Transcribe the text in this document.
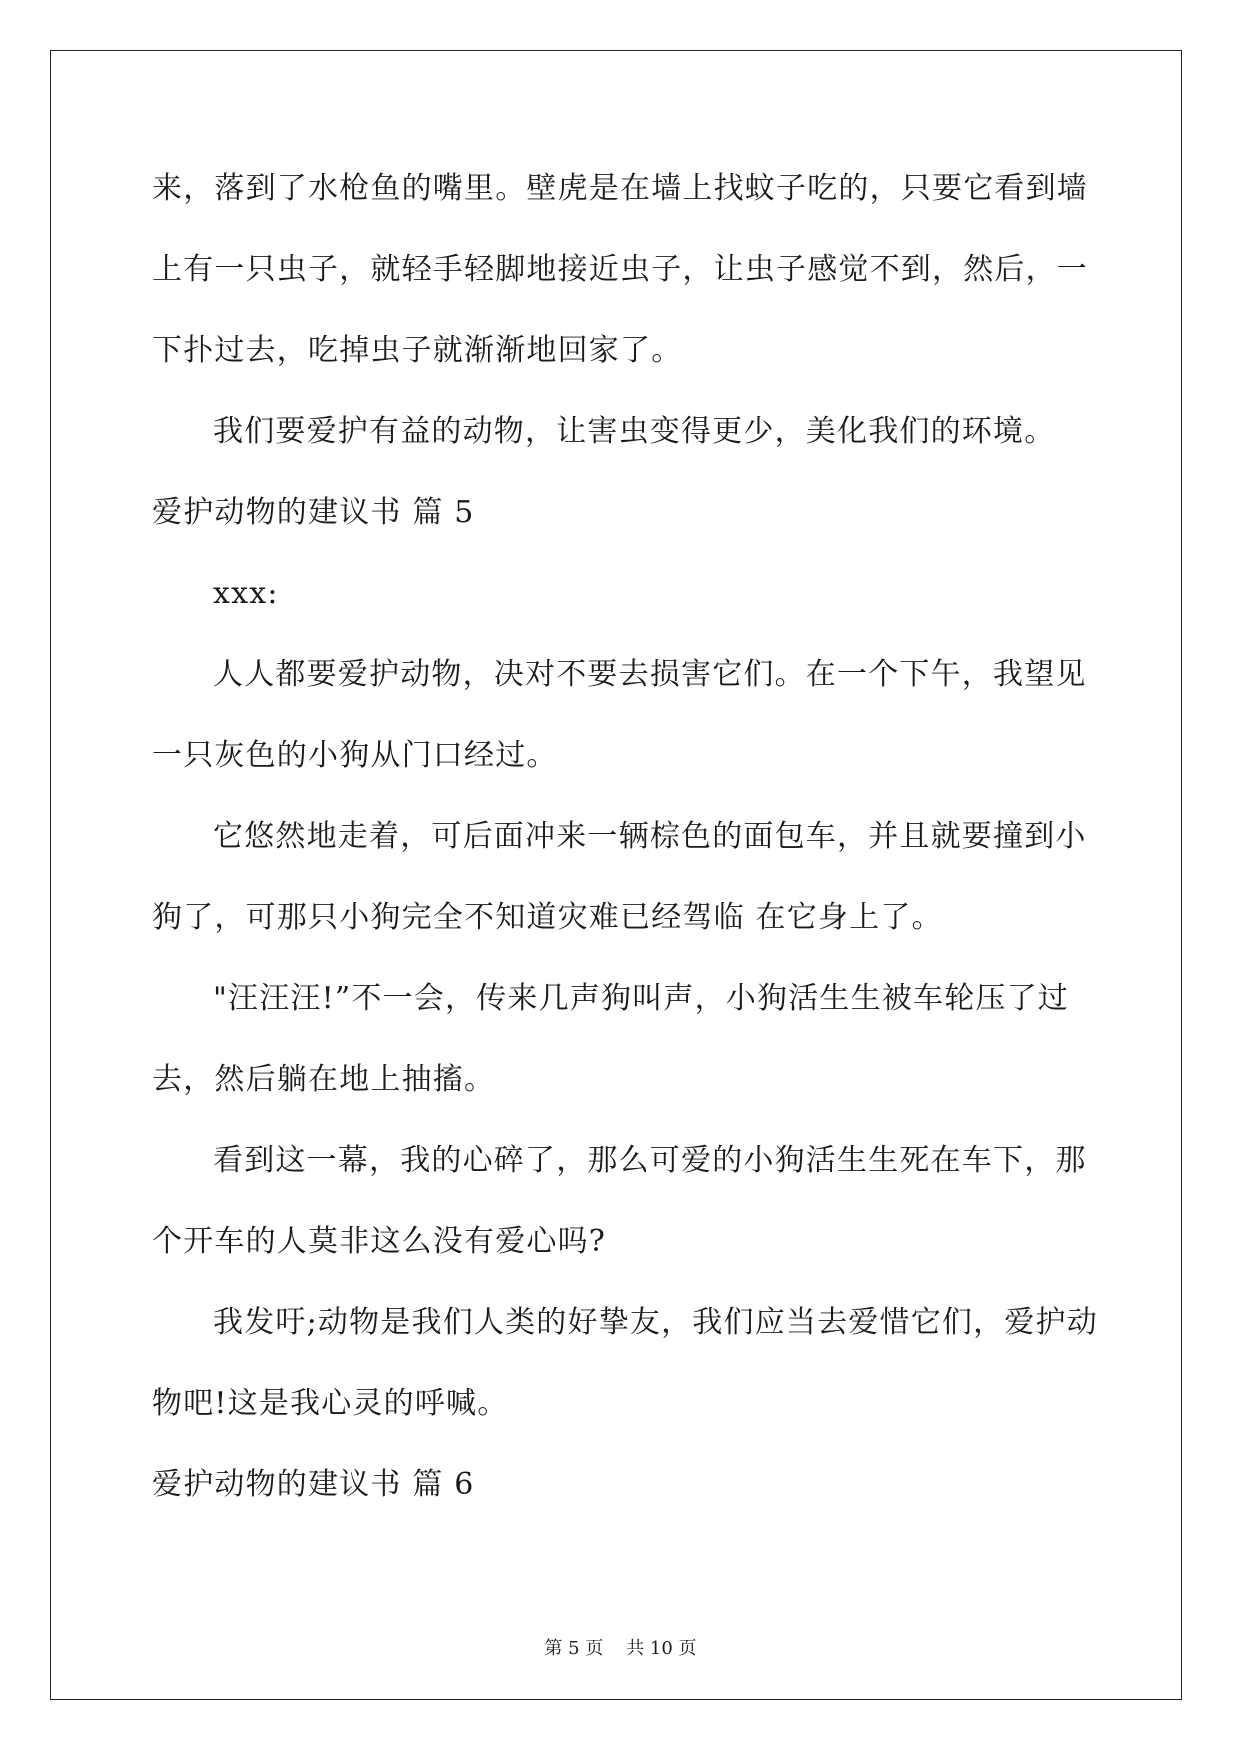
来，落到了水枪鱼的嘴里。壁虎是在墙上找蚊子吃的，只要它看到墙
上有一只虫子，就轻手轻脚地接近虫子，让虫子感觉不到，然后，一
下扑过去，吃掉虫子就渐渐地回家了。
我们要爱护有益的动物，让害虫变得更少，美化我们的环境。
爱护动物的建议书 篇 5
xxx:
人人都要爱护动物，决对不要去损害它们。在一个下午，我望见
一只灰色的小狗从门口经过。
它悠然地走着，可后面冲来一辆棕色的面包车，并且就要撞到小
狗了，可那只小狗完全不知道灾难已经驾临 在它身上了。
"汪汪汪!”不一会，传来几声狗叫声，小狗活生生被车轮压了过
去，然后躺在地上抽搐。
看到这一幕，我的心碎了，那么可爱的小狗活生生死在车下，那
个开车的人莫非这么没有爱心吗?
我发吁;动物是我们人类的好挚友，我们应当去爱惜它们，爱护动
物吧!这是我心灵的呼喊。
爱护动物的建议书 篇 6
第 5 页    共 10 页
